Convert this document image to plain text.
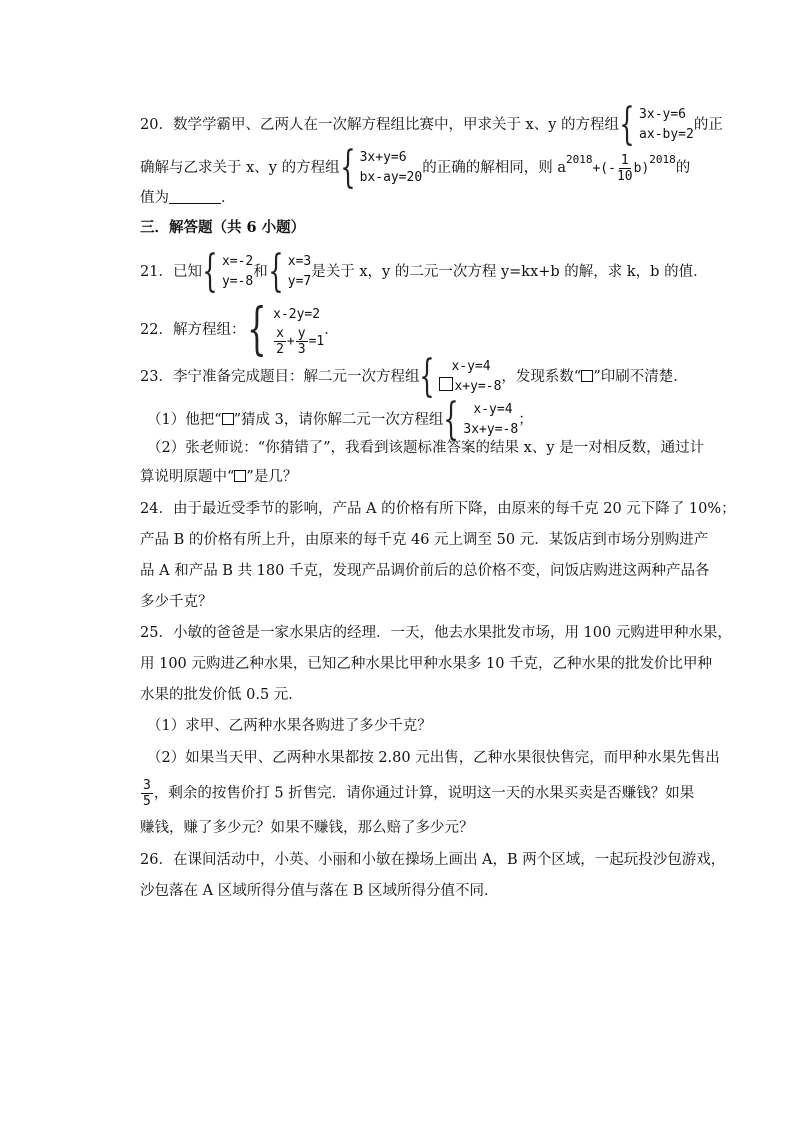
20．数学学霸甲、乙两人在一次解方程组比赛中，甲求关于 x、y 的方程组 { 3x-y=6
ax-by=2
的正
确解与乙求关于 x、y 的方程组 { 3x+y=6
bx-ay=20
的正确的解相同，则 $a^{2018}+(- \frac{1}{10} b)^{2018}$的
值为	．
三．解答题（共 6 小题）
21．已知 { x=-2
y=-8
和 { x=3
y=7
是关于 x，y 的二元一次方程 y=kx+b 的解，求 k，b 的值．
22．解方程组： { x-2y=2
$\frac{x}{2} + \frac{y}{3} =1$
．
23．李宁准备完成题目：解二元一次方程组 {	x-y=4
x+y=-8
，发现系数“ ”印刷不清楚．
（1）他把“ ”猜成 3，请你解二元一次方程组 {	x-y=4
3x+y=-8
；
（2）张老师说：“你猜错了”，我看到该题标准答案的结果 x、y 是一对相反数，通过计
算说明原题中“ ”是几？
24．由于最近受季节的影响，产品 A 的价格有所下降，由原来的每千克 20 元下降了 10%；
产品 B 的价格有所上升，由原来的每千克 46 元上调至 50 元．某饭店到市场分别购进产
品 A 和产品 B 共 180 千克，发现产品调价前后的总价格不变，问饭店购进这两种产品各
多少千克？
25．小敏的爸爸是一家水果店的经理．一天，他去水果批发市场，用 100 元购进甲种水果，
用 100 元购进乙种水果，已知乙种水果比甲种水果多 10 千克，乙种水果的批发价比甲种
水果的批发价低 0.5 元．
（1）求甲、乙两种水果各购进了多少千克？
（2）如果当天甲、乙两种水果都按 2.80 元出售，乙种水果很快售完，而甲种水果先售出
$\frac{3}{5}$ ，剩余的按售价打 5 折售完．请你通过计算，说明这一天的水果买卖是否赚钱？如果
赚钱，赚了多少元？如果不赚钱，那么赔了多少元？
26．在课间活动中，小英、小丽和小敏在操场上画出 A，B 两个区域，一起玩投沙包游戏，
沙包落在 A 区域所得分值与落在 B 区域所得分值不同．
